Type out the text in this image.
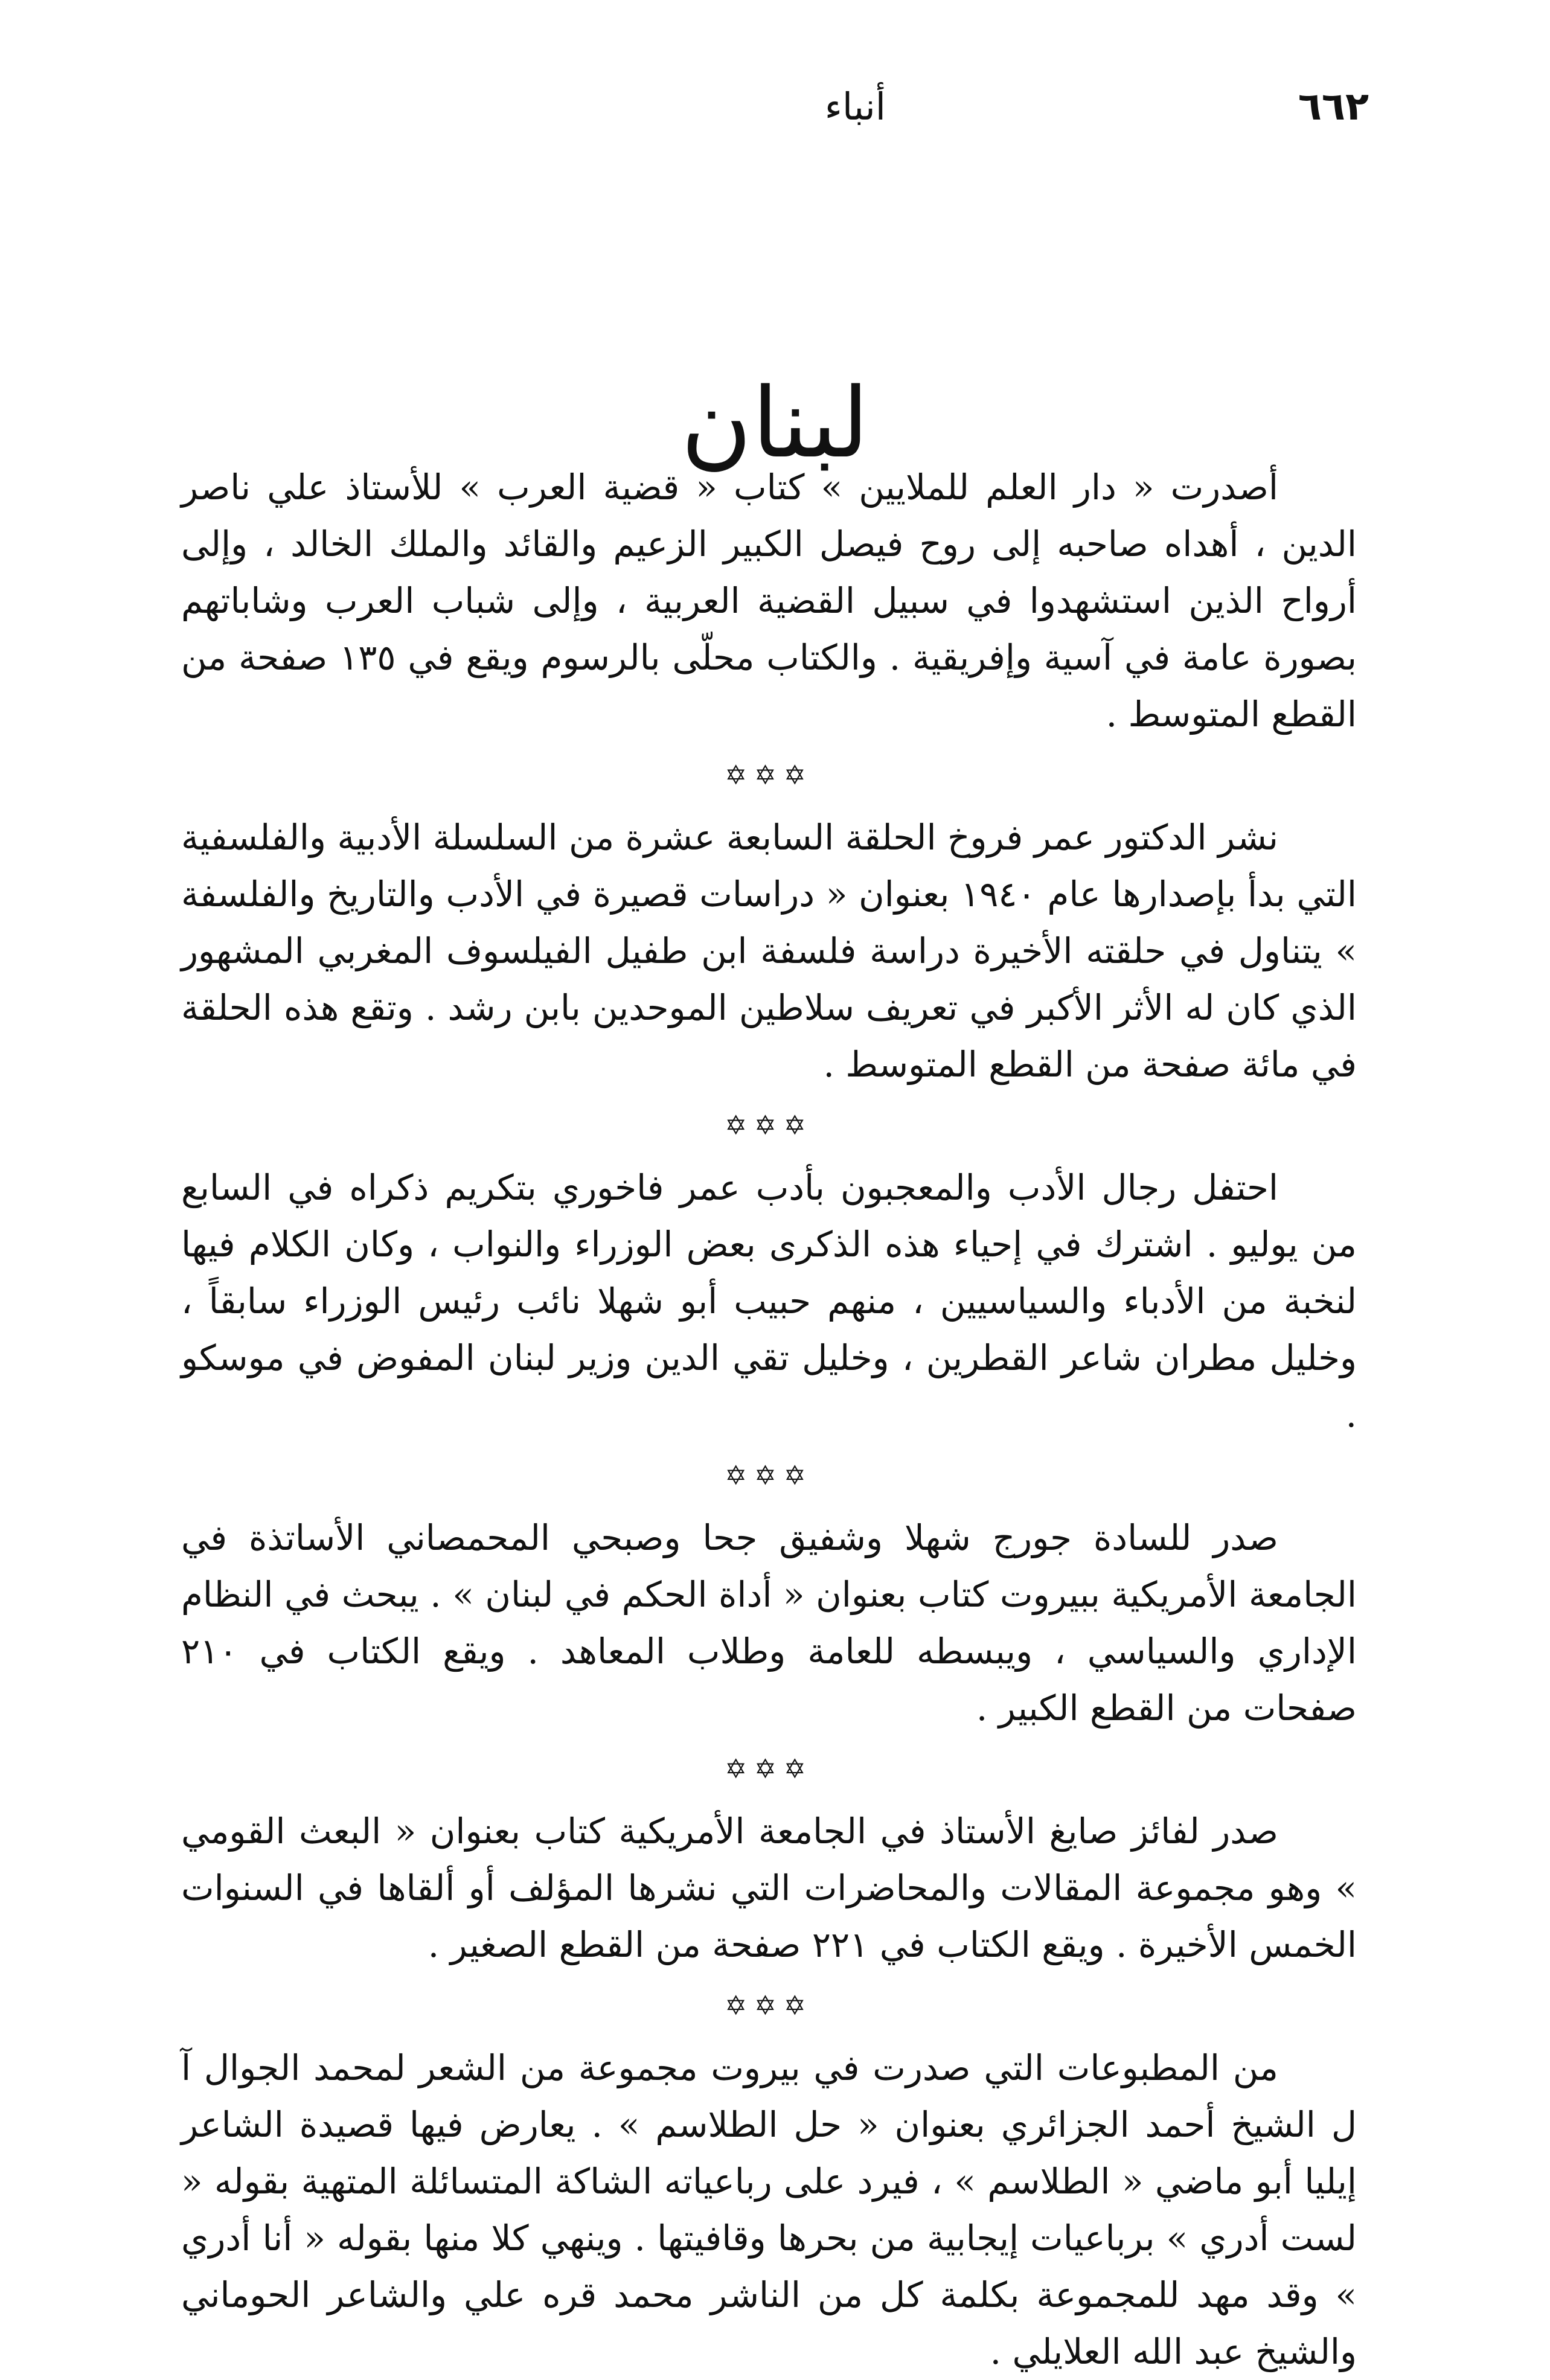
٦٦٢
أنباء
لبنان

أصدرت « دار العلم للملايين » كتاب « قضية العرب » للأستاذ علي ناصر الدين ، أهداه صاحبه إلى روح فيصل الكبير الزعيم والقائد والملك الخالد ، وإلى أرواح الذين استشهدوا في سبيل القضية العربية ، وإلى شباب العرب وشاباتهم بصورة عامة في آسية وإفريقية . والكتاب محلّى بالرسوم ويقع في ١٣٥ صفحة من القطع المتوسط .

✡✡✡

نشر الدكتور عمر فروخ الحلقة السابعة عشرة من السلسلة الأدبية والفلسفية التي بدأ بإصدارها عام ١٩٤٠ بعنوان « دراسات قصيرة في الأدب والتاريخ والفلسفة » يتناول في حلقته الأخيرة دراسة فلسفة ابن طفيل الفيلسوف المغربي المشهور الذي كان له الأثر الأكبر في تعريف سلاطين الموحدين بابن رشد . وتقع هذه الحلقة في مائة صفحة من القطع المتوسط .

✡✡✡

احتفل رجال الأدب والمعجبون بأدب عمر فاخوري بتكريم ذكراه في السابع من يوليو . اشترك في إحياء هذه الذكرى بعض الوزراء والنواب ، وكان الكلام فيها لنخبة من الأدباء والسياسيين ، منهم حبيب أبو شهلا نائب رئيس الوزراء سابقاً ، وخليل مطران شاعر القطرين ، وخليل تقي الدين وزير لبنان المفوض في موسكو .

✡✡✡

صدر للسادة جورج شهلا وشفيق جحا وصبحي المحمصاني الأساتذة في الجامعة الأمريكية ببيروت كتاب بعنوان « أداة الحكم في لبنان » . يبحث في النظام الإداري والسياسي ، ويبسطه للعامة وطلاب المعاهد . ويقع الكتاب في ٢١٠ صفحات من القطع الكبير .

✡✡✡

صدر لفائز صايغ الأستاذ في الجامعة الأمريكية كتاب بعنوان « البعث القومي » وهو مجموعة المقالات والمحاضرات التي نشرها المؤلف أو ألقاها في السنوات الخمس الأخيرة . ويقع الكتاب في ٢٢١ صفحة من القطع الصغير .

✡✡✡

من المطبوعات التي صدرت في بيروت مجموعة من الشعر لمحمد الجوال آ ل الشيخ أحمد الجزائري بعنوان « حل الطلاسم » . يعارض فيها قصيدة الشاعر إيليا أبو ماضي « الطلاسم » ، فيرد على رباعياته الشاكة المتسائلة المتهية بقوله « لست أدري » برباعيات إيجابية من بحرها وقافيتها . وينهي كلا منها بقوله « أنا أدري » وقد مهد للمجموعة بكلمة كل من الناشر محمد قره علي والشاعر الحوماني والشيخ عبد الله العلايلي .
